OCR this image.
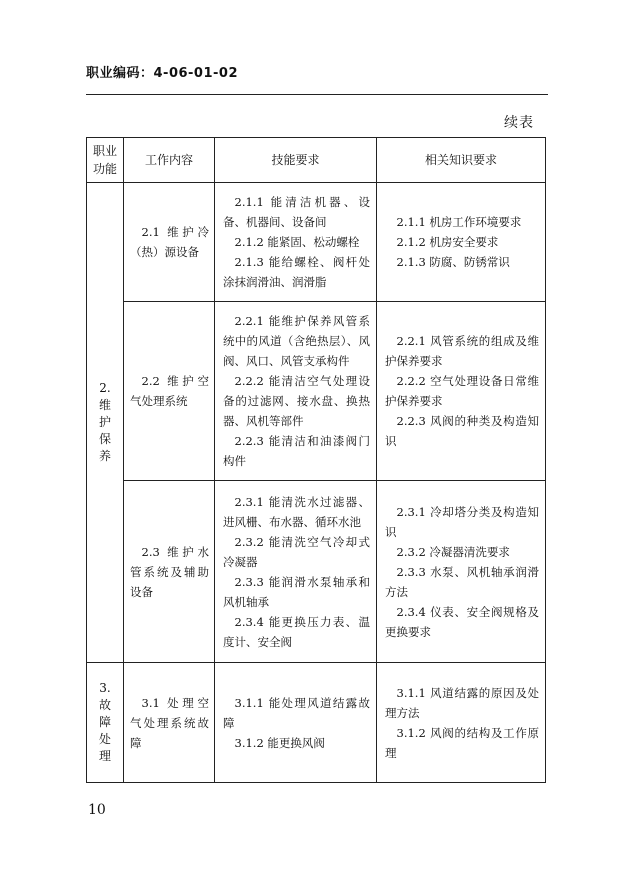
职业编码：4-06-01-02
续表
职业功能	工作内容	技能要求	相关知识要求
2. 维护保养	2.1 维护冷（热）源设备	2.1.1 能清洁机器、设备、机器间、设备间
2.1.2 能紧固、松动螺栓
2.1.3 能给螺栓、阀杆处涂抹润滑油、润滑脂	2.1.1 机房工作环境要求
2.1.2 机房安全要求
2.1.3 防腐、防锈常识

	2.2 维护空气处理系统	2.2.1 能维护保养风管系统中的风道（含绝热层）、风阀、风口、风管支承构件
2.2.2 能清洁空气处理设备的过滤网、接水盘、换热器、风机等部件
2.2.3 能清洁和油漆阀门构件	2.2.1 风管系统的组成及维护保养要求
2.2.2 空气处理设备日常维护保养要求
2.2.3 风阀的种类及构造知识

	2.3 维护水管系统及辅助设备	2.3.1 能清洗水过滤器、进风栅、布水器、循环水池
2.3.2 能清洗空气冷却式冷凝器
2.3.3 能润滑水泵轴承和风机轴承
2.3.4 能更换压力表、温度计、安全阀	2.3.1 冷却塔分类及构造知识
2.3.2 冷凝器清洗要求
2.3.3 水泵、风机轴承润滑方法
2.3.4 仪表、安全阀规格及更换要求

3. 故障处理	3.1 处理空气处理系统故障	3.1.1 能处理风道结露故障
3.1.2 能更换风阀	3.1.1 风道结露的原因及处理方法
3.1.2 风阀的结构及工作原理
10
